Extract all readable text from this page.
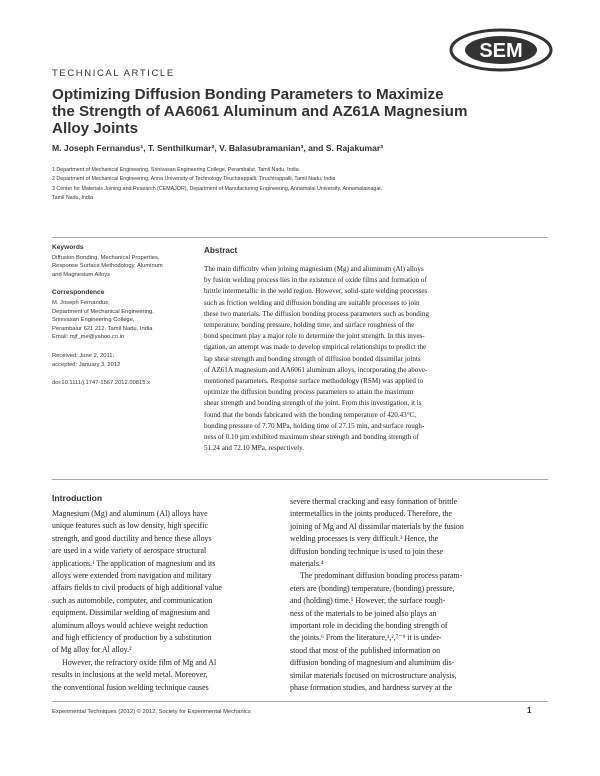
SEM
TECHNICAL ARTICLE
Optimizing Diffusion Bonding Parameters to Maximize
the Strength of AA6061 Aluminum and AZ61A Magnesium
Alloy Joints
M. Joseph Fernandus¹, T. Senthilkumar², V. Balasubramanian³, and S. Rajakumar³
1 Department of Mechanical Engineering, Srinivasan Engineering College, Perambalur, Tamil Nadu, India
2 Department of Mechanical Engineering, Anna University of Technology Tiruchirappalli, Tiruchirappalli, Tamil Nadu, India
3 Center for Materials Joining and Research (CEMAJOR), Department of Manufacturing Engineering, Annamalai University, Annamalainagar,
Tamil Nadu, India
Keywords
Diffusion Bonding, Mechanical Properties,
Response Surface Methodology, Aluminum
and Magnesium Alloys
Correspondence
M. Joseph Fernandus,
Department of Mechanical Engineering,
Srinivasan Engineering College,
Perambalur 621 212, Tamil Nadu, India
Email: mjf_me@yahoo.co.in
Received: June 2, 2011;
accepted: January 3, 2012
doi:10.1111/j.1747-1567.2012.00815.x
Abstract
The main difficulty when joining magnesium (Mg) and aluminum (Al) alloys
by fusion welding process lies in the existence of oxide films and formation of
brittle intermetallic in the weld region. However, solid-state welding processes
such as friction welding and diffusion bonding are suitable processes to join
these two materials. The diffusion bonding process parameters such as bonding
temperature, bonding pressure, holding time, and surface roughness of the
bond specimen play a major role to determine the joint strength. In this inves-
tigation, an attempt was made to develop empirical relationships to predict the
lap shear strength and bonding strength of diffusion bonded dissimilar joints
of AZ61A magnesium and AA6061 aluminum alloys, incorporating the above-
mentioned parameters. Response surface methodology (RSM) was applied to
optimize the diffusion bonding process parameters to attain the maximum
shear strength and bonding strength of the joint. From this investigation, it is
found that the bonds fabricated with the bonding temperature of 420.43°C,
bonding pressure of 7.70 MPa, holding time of 27.15 min, and surface rough-
ness of 0.10 µm exhibited maximum shear strength and bonding strength of
51.24 and 72.10 MPa, respectively.
Introduction
Magnesium (Mg) and aluminum (Al) alloys have
unique features such as low density, high specific
strength, and good ductility and hence these alloys
are used in a wide variety of aerospace structural
applications.¹ The application of magnesium and its
alloys were extended from navigation and military
affairs fields to civil products of high additional value
such as automobile, computer, and communication
equipment. Dissimilar welding of magnesium and
aluminum alloys would achieve weight reduction
and high efficiency of production by a substitution
of Mg alloy for Al alloy.²
However, the refractory oxide film of Mg and Al
results in inclusions at the weld metal. Moreover,
the conventional fusion welding technique causes
severe thermal cracking and easy formation of brittle
intermetallics in the joints produced. Therefore, the
joining of Mg and Al dissimilar materials by the fusion
welding processes is very difficult.³ Hence, the
diffusion bonding technique is used to join these
materials.⁴
The predominant diffusion bonding process param-
eters are (bonding) temperature, (bonding) pressure,
and (holding) time.⁵ However, the surface rough-
ness of the materials to be joined also plays an
important role in deciding the bonding strength of
the joints.⁶ From the literature,¹,²,⁷⁻⁹ it is under-
stood that most of the published information on
diffusion bonding of magnesium and aluminum dis-
similar materials focused on microstructure analysis,
phase formation studies, and hardness survey at the
Experimental Techniques (2012) © 2012, Society for Experimental Mechanics	1
